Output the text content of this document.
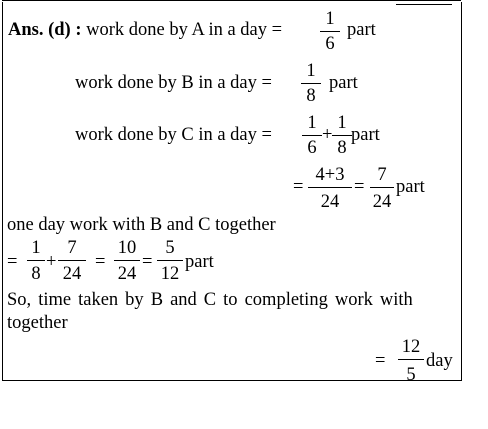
Ans. (d) : work done by A in a day =
1
6
part
work done by B in a day =
1
8
part
work done by C in a day =
1
6
+
1
8
part
=
4+3
24
=
7
24
part
one day work with B and C together
=
1
8
+
7
24
=
10
24
=
5
12
part
So, time taken by B and C to completing work with
together
=
12
5
day
